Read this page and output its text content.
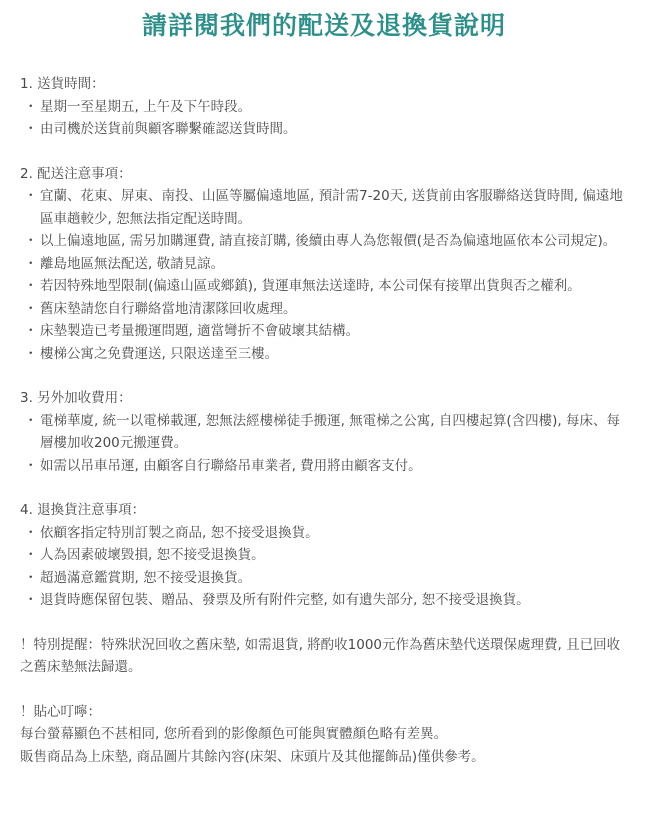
請詳閱我們的配送及退換貨說明

1. 送貨時間：

・ 星期一至星期五, 上午及下午時段。
・ 由司機於送貨前與顧客聯繫確認送貨時間。

2. 配送注意事項：

・ 宜蘭、花東、屏東、南投、山區等屬偏遠地區, 預計需7-20天, 送貨前由客服聯絡送貨時間, 偏遠地區車趟較少, 恕無法指定配送時間。
・ 以上偏遠地區, 需另加購運費, 請直接訂購, 後續由專人為您報價(是否為偏遠地區依本公司規定)。
・ 離島地區無法配送, 敬請見諒。
・ 若因特殊地型限制(偏遠山區或鄉鎮), 貨運車無法送達時, 本公司保有接單出貨與否之權利。
・ 舊床墊請您自行聯絡當地清潔隊回收處理。
・ 床墊製造已考量搬運問題, 適當彎折不會破壞其結構。
・ 樓梯公寓之免費運送, 只限送達至三樓。

3. 另外加收費用：

・ 電梯華廈, 統一以電梯載運, 恕無法經樓梯徒手搬運, 無電梯之公寓, 自四樓起算(含四樓), 每床、每層樓加收200元搬運費。
・ 如需以吊車吊運, 由顧客自行聯絡吊車業者, 費用將由顧客支付。

4. 退換貨注意事項：

・ 依顧客指定特別訂製之商品, 恕不接受退換貨。
・ 人為因素破壞毀損, 恕不接受退換貨。
・ 超過滿意鑑賞期, 恕不接受退換貨。
・ 退貨時應保留包裝、贈品、發票及所有附件完整, 如有遺失部分, 恕不接受退換貨。

！特別提醒：特殊狀況回收之舊床墊, 如需退貨, 將酌收1000元作為舊床墊代送環保處理費, 且已回收之舊床墊無法歸還。

！貼心叮嚀：

每台螢幕顯色不甚相同, 您所看到的影像顏色可能與實體顏色略有差異。

販售商品為上床墊, 商品圖片其餘內容(床架、床頭片及其他擺飾品)僅供參考。
